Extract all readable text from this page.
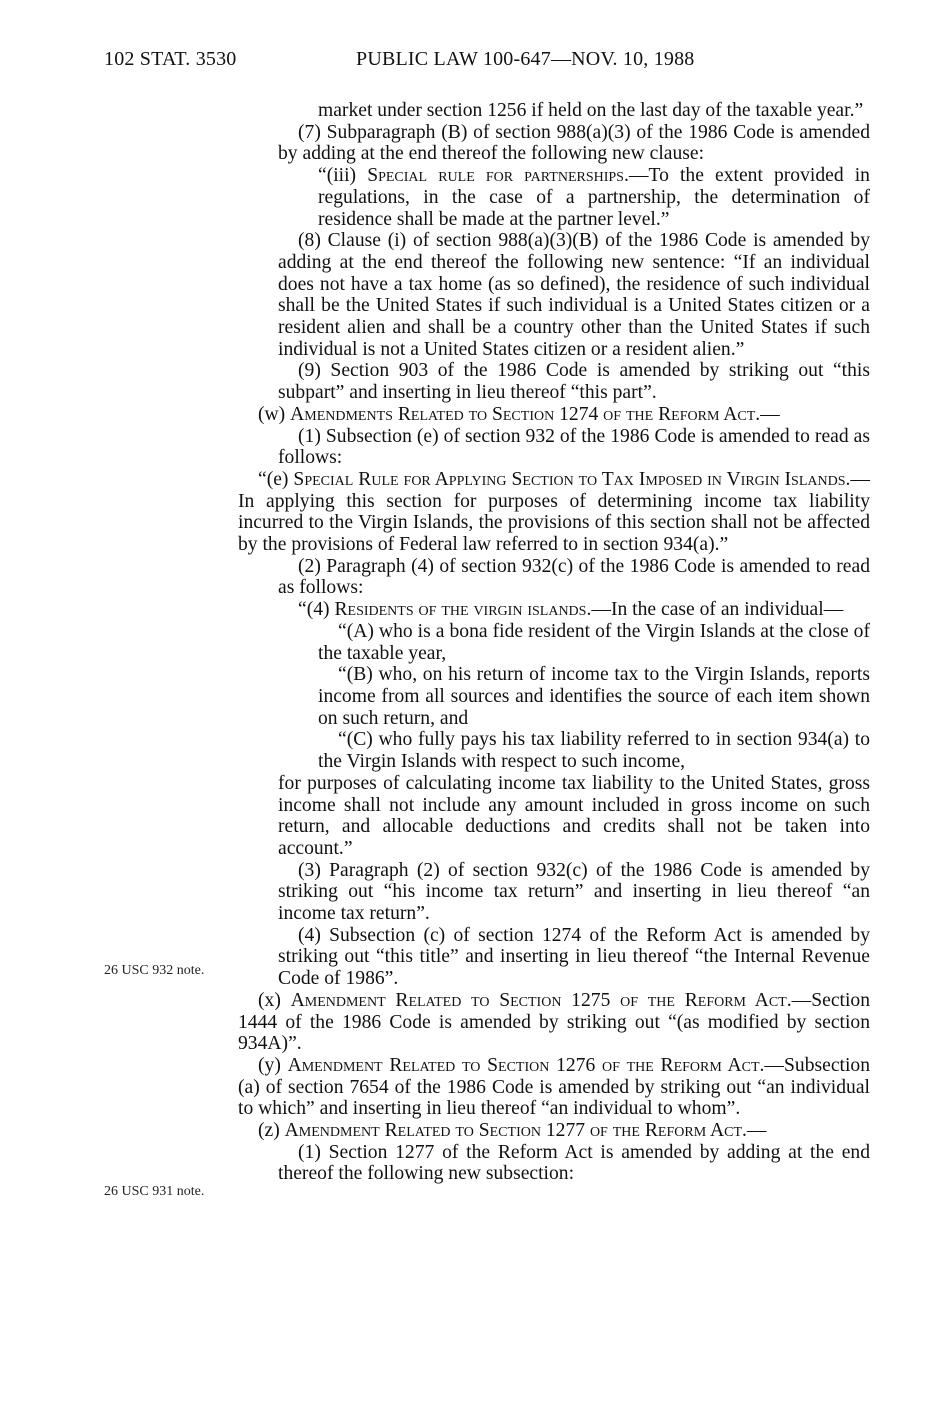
102 STAT. 3530	PUBLIC LAW 100-647—NOV. 10, 1988
26 USC 932 note.
26 USC 931 note.

market under section 1256 if held on the last day of the taxable year.”

(7) Subparagraph (B) of section 988(a)(3) of the 1986 Code is amended by adding at the end thereof the following new clause:

“(iii) Special rule for partnerships.—To the extent provided in regulations, in the case of a partnership, the determination of residence shall be made at the partner level.”

(8) Clause (i) of section 988(a)(3)(B) of the 1986 Code is amended by adding at the end thereof the following new sentence: “If an individual does not have a tax home (as so defined), the residence of such individual shall be the United States if such individual is a United States citizen or a resident alien and shall be a country other than the United States if such individual is not a United States citizen or a resident alien.”

(9) Section 903 of the 1986 Code is amended by striking out “this subpart” and inserting in lieu thereof “this part”.

(w) Amendments Related to Section 1274 of the Reform Act.—

(1) Subsection (e) of section 932 of the 1986 Code is amended to read as follows:

“(e) Special Rule for Applying Section to Tax Imposed in Virgin Islands.—In applying this section for purposes of determining income tax liability incurred to the Virgin Islands, the provisions of this section shall not be affected by the provisions of Federal law referred to in section 934(a).”

(2) Paragraph (4) of section 932(c) of the 1986 Code is amended to read as follows:

“(4) Residents of the virgin islands.—In the case of an individual—

“(A) who is a bona fide resident of the Virgin Islands at the close of the taxable year,

“(B) who, on his return of income tax to the Virgin Islands, reports income from all sources and identifies the source of each item shown on such return, and

“(C) who fully pays his tax liability referred to in section 934(a) to the Virgin Islands with respect to such income,

for purposes of calculating income tax liability to the United States, gross income shall not include any amount included in gross income on such return, and allocable deductions and credits shall not be taken into account.”

(3) Paragraph (2) of section 932(c) of the 1986 Code is amended by striking out “his income tax return” and inserting in lieu thereof “an income tax return”.

(4) Subsection (c) of section 1274 of the Reform Act is amended by striking out “this title” and inserting in lieu thereof “the Internal Revenue Code of 1986”.

(x) Amendment Related to Section 1275 of the Reform Act.—Section 1444 of the 1986 Code is amended by striking out “(as modified by section 934A)”.

(y) Amendment Related to Section 1276 of the Reform Act.—Subsection (a) of section 7654 of the 1986 Code is amended by striking out “an individual to which” and inserting in lieu thereof “an individual to whom”.

(z) Amendment Related to Section 1277 of the Reform Act.—

(1) Section 1277 of the Reform Act is amended by adding at the end thereof the following new subsection:
